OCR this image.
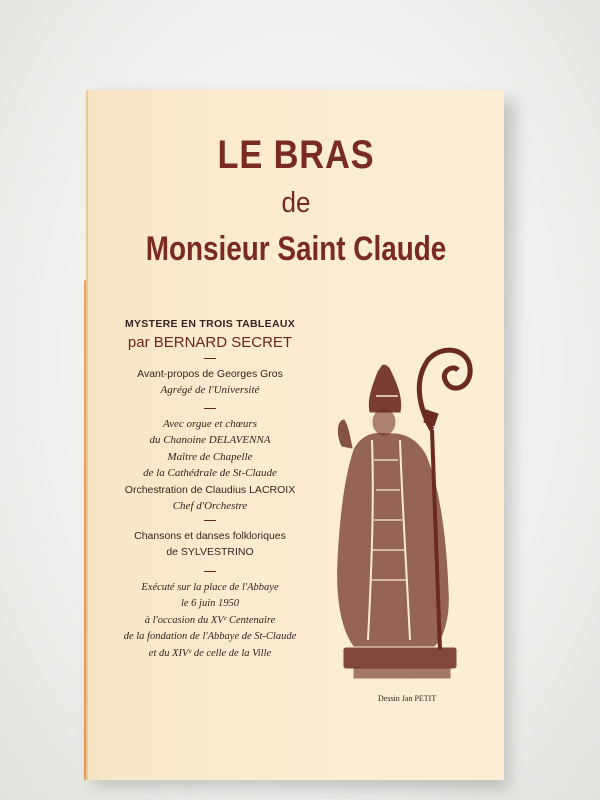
LE BRAS
de
Monsieur Saint Claude
MYSTERE EN TROIS TABLEAUX
par BERNARD SECRET
Avant-propos de Georges Gros
Agrégé de l'Université
Avec orgue et chœurs
du Chanoine DELAVENNA
Maître de Chapelle
de la Cathédrale de St-Claude
Orchestration de Claudius LACROIX
Chef d'Orchestre
Chansons et danses folkloriques
de SYLVESTRINO
Exécuté sur la place de l'Abbaye
le 6 juin 1950
à l'occasion du XVᵉ Centenaire
de la fondation de l'Abbaye de St-Claude
et du XIVᵉ de celle de la Ville
Dessin Jan PETIT
